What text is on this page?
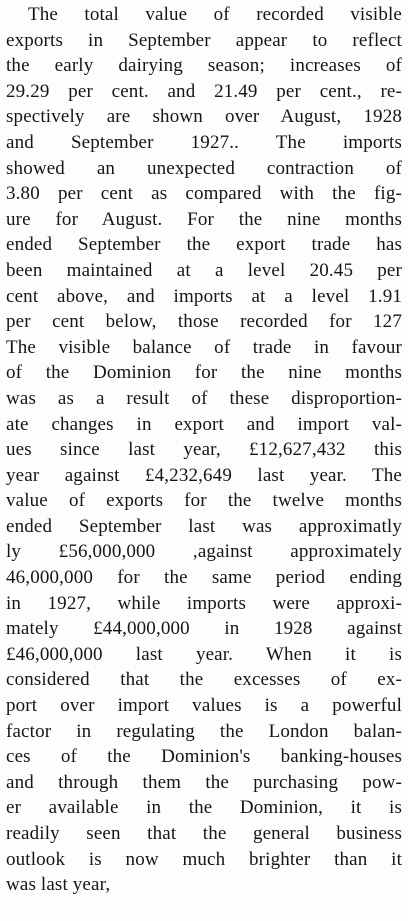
The total value of recorded visible
exports in September appear to reflect
the early dairying season; increases of
29.29 per cent. and 21.49 per cent., re-
spectively are shown over August, 1928
and September 1927.. The imports
showed an unexpected contraction of
3.80 per cent as compared with the fig-
ure for August. For the nine months
ended September the export trade has
been maintained at a level 20.45 per
cent above, and imports at a level 1.91
per cent below, those recorded for 127
The visible balance of trade in favour
of the Dominion for the nine months
was as a result of these disproportion-
ate changes in export and import val-
ues since last year, £12,627,432 this
year against £4,232,649 last year. The
value of exports for the twelve months
ended September last was approximatly
ly £56,000,000 ,against approximately
46,000,000 for the same period ending
in 1927, while imports were approxi-
mately £44,000,000 in 1928 against
£46,000,000 last year. When it is
considered that the excesses of ex-
port over import values is a powerful
factor in regulating the London balan-
ces of the Dominion's banking-houses
and through them the purchasing pow-
er available in the Dominion, it is
readily seen that the general business
outlook is now much brighter than it
was last year,
